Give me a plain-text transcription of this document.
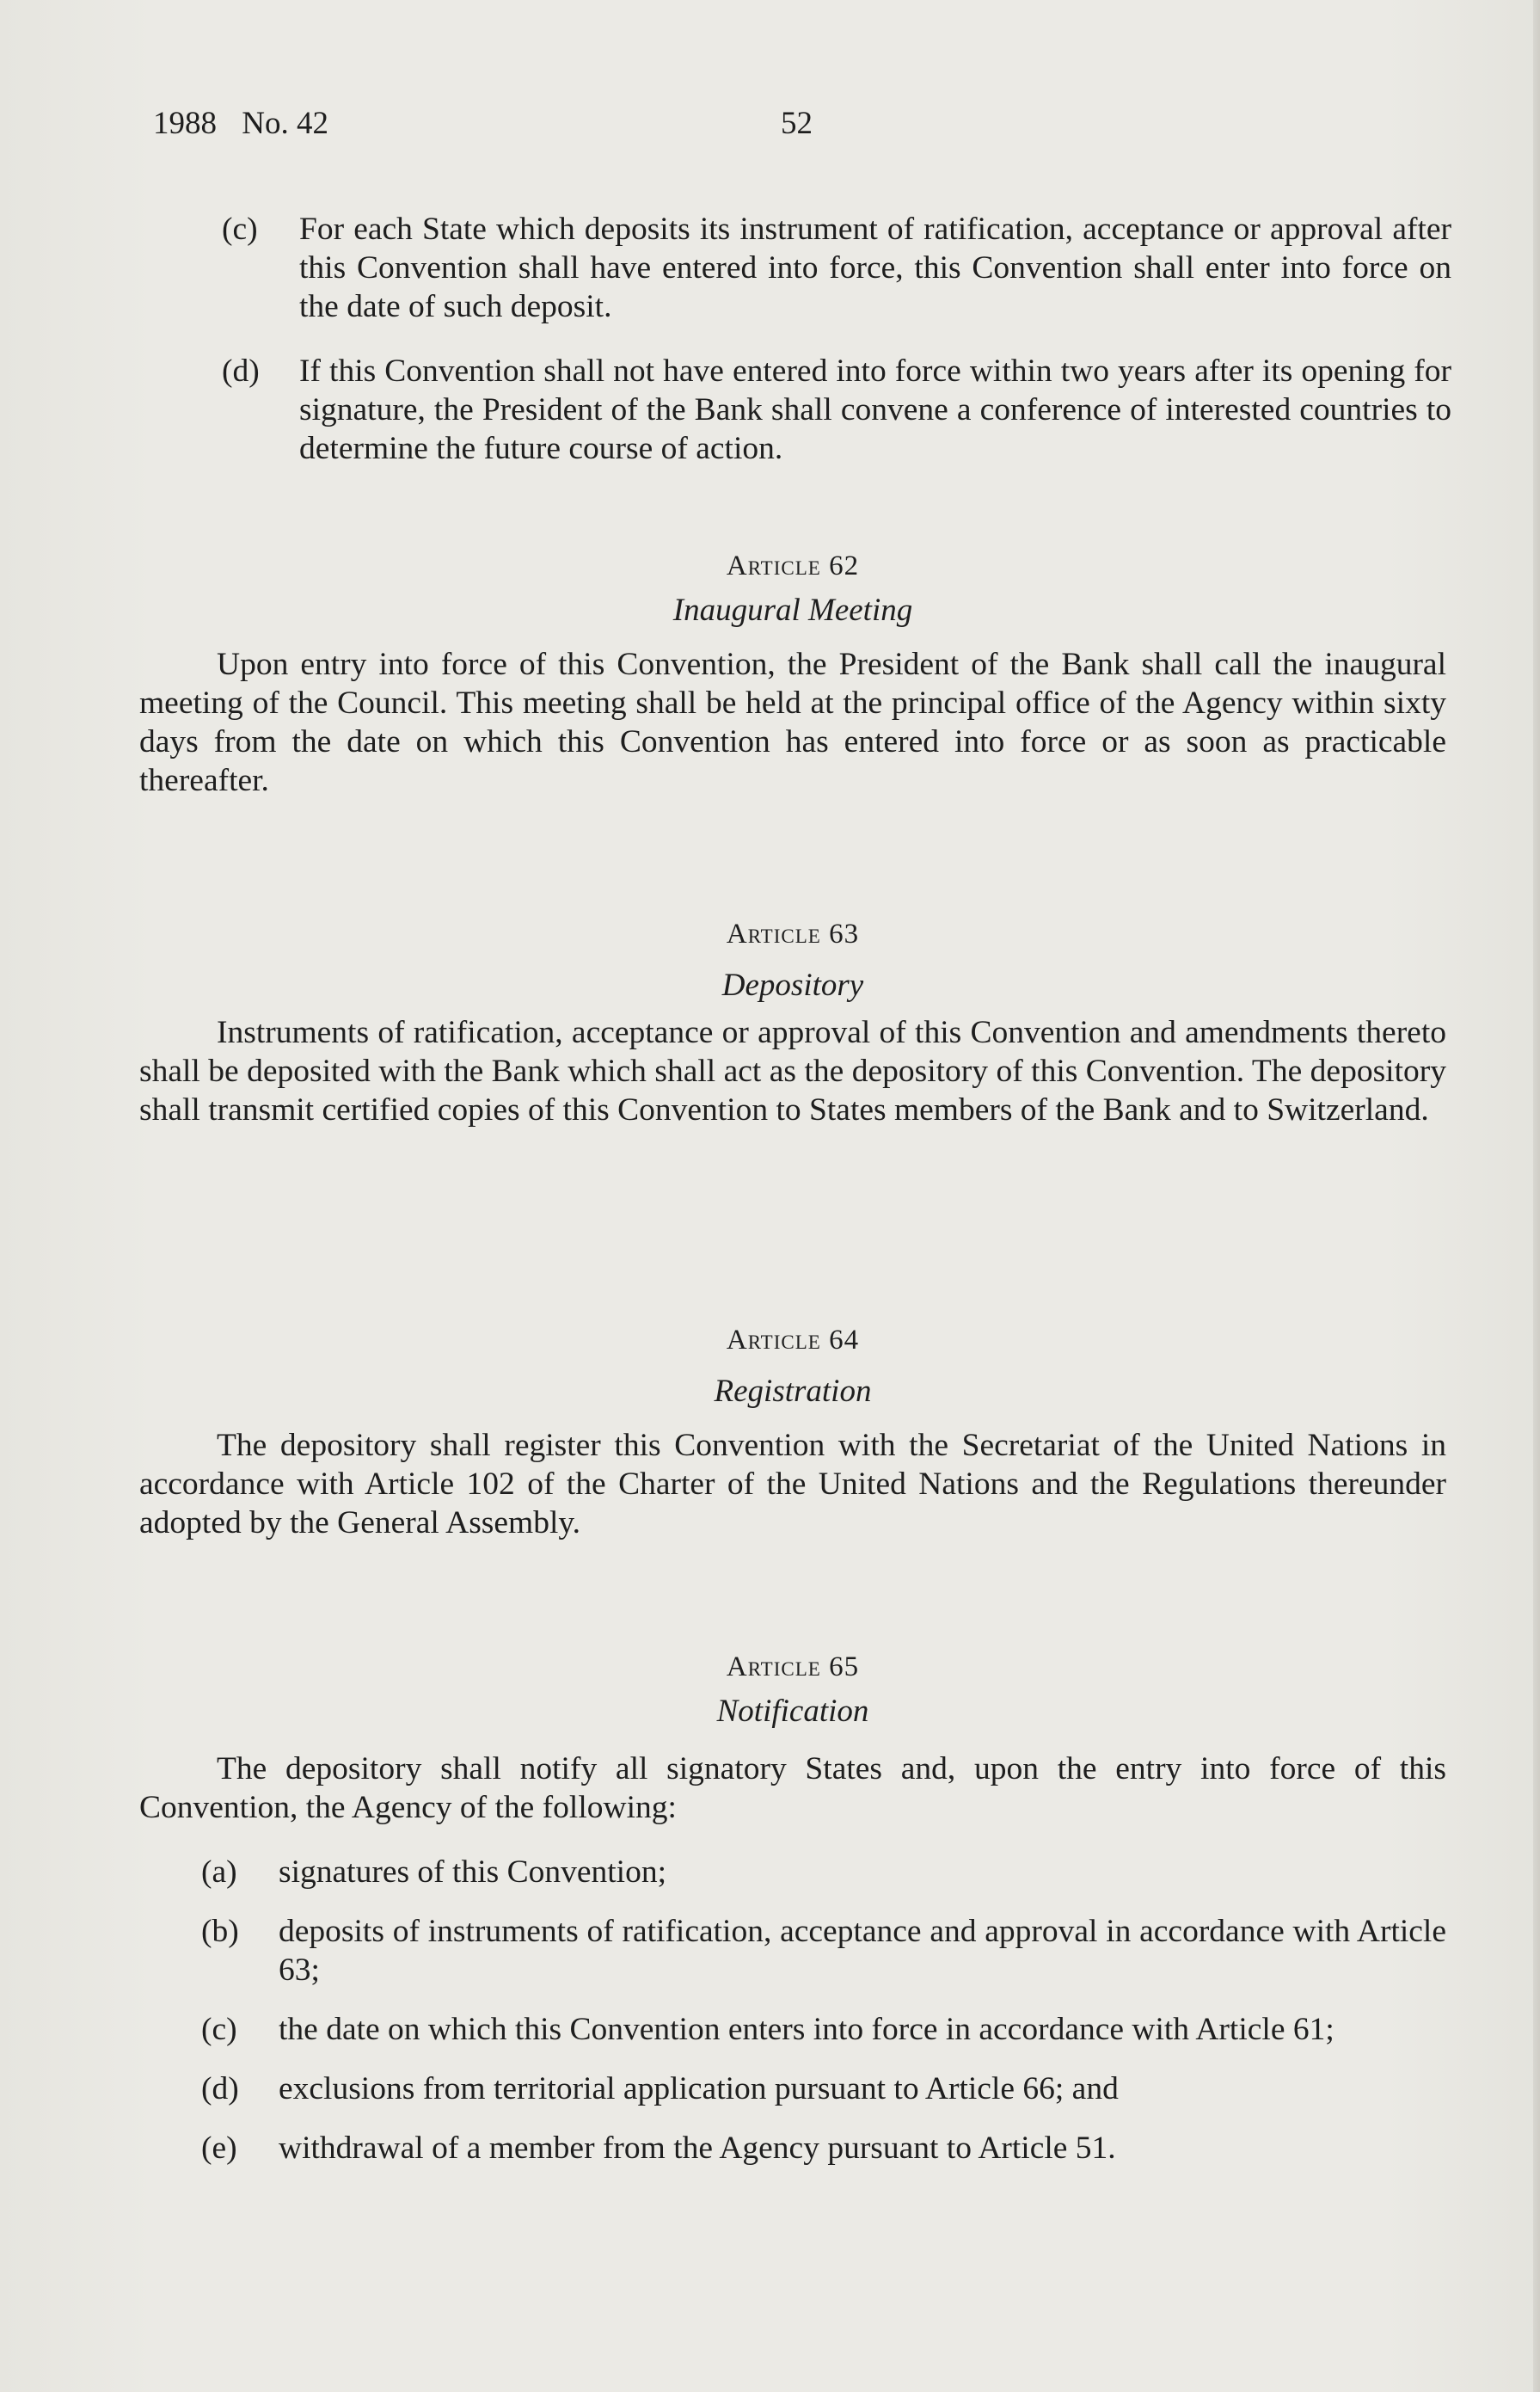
1988 No. 42	52
(c)	For each State which deposits its instrument of ratification, acceptance or approval after this Convention shall have entered into force, this Convention shall enter into force on the date of such deposit.
(d)	If this Convention shall not have entered into force within two years after its opening for signature, the President of the Bank shall convene a conference of interested countries to determine the future course of action.
Article 62
Inaugural Meeting
Upon entry into force of this Convention, the President of the Bank shall call the inaugural meeting of the Council. This meeting shall be held at the principal office of the Agency within sixty days from the date on which this Convention has entered into force or as soon as practicable thereafter.
Article 63
Depository
Instruments of ratification, acceptance or approval of this Convention and amendments thereto shall be deposited with the Bank which shall act as the depository of this Convention. The depository shall transmit certified copies of this Convention to States members of the Bank and to Switzerland.
Article 64
Registration
The depository shall register this Convention with the Secretariat of the United Nations in accordance with Article 102 of the Charter of the United Nations and the Regulations thereunder adopted by the General Assembly.
Article 65
Notification
The depository shall notify all signatory States and, upon the entry into force of this Convention, the Agency of the following:
(a)	signatures of this Convention;
(b)	deposits of instruments of ratification, acceptance and approval in accordance with Article 63;
(c)	the date on which this Convention enters into force in accordance with Article 61;
(d)	exclusions from territorial application pursuant to Article 66; and
(e)	withdrawal of a member from the Agency pursuant to Article 51.
